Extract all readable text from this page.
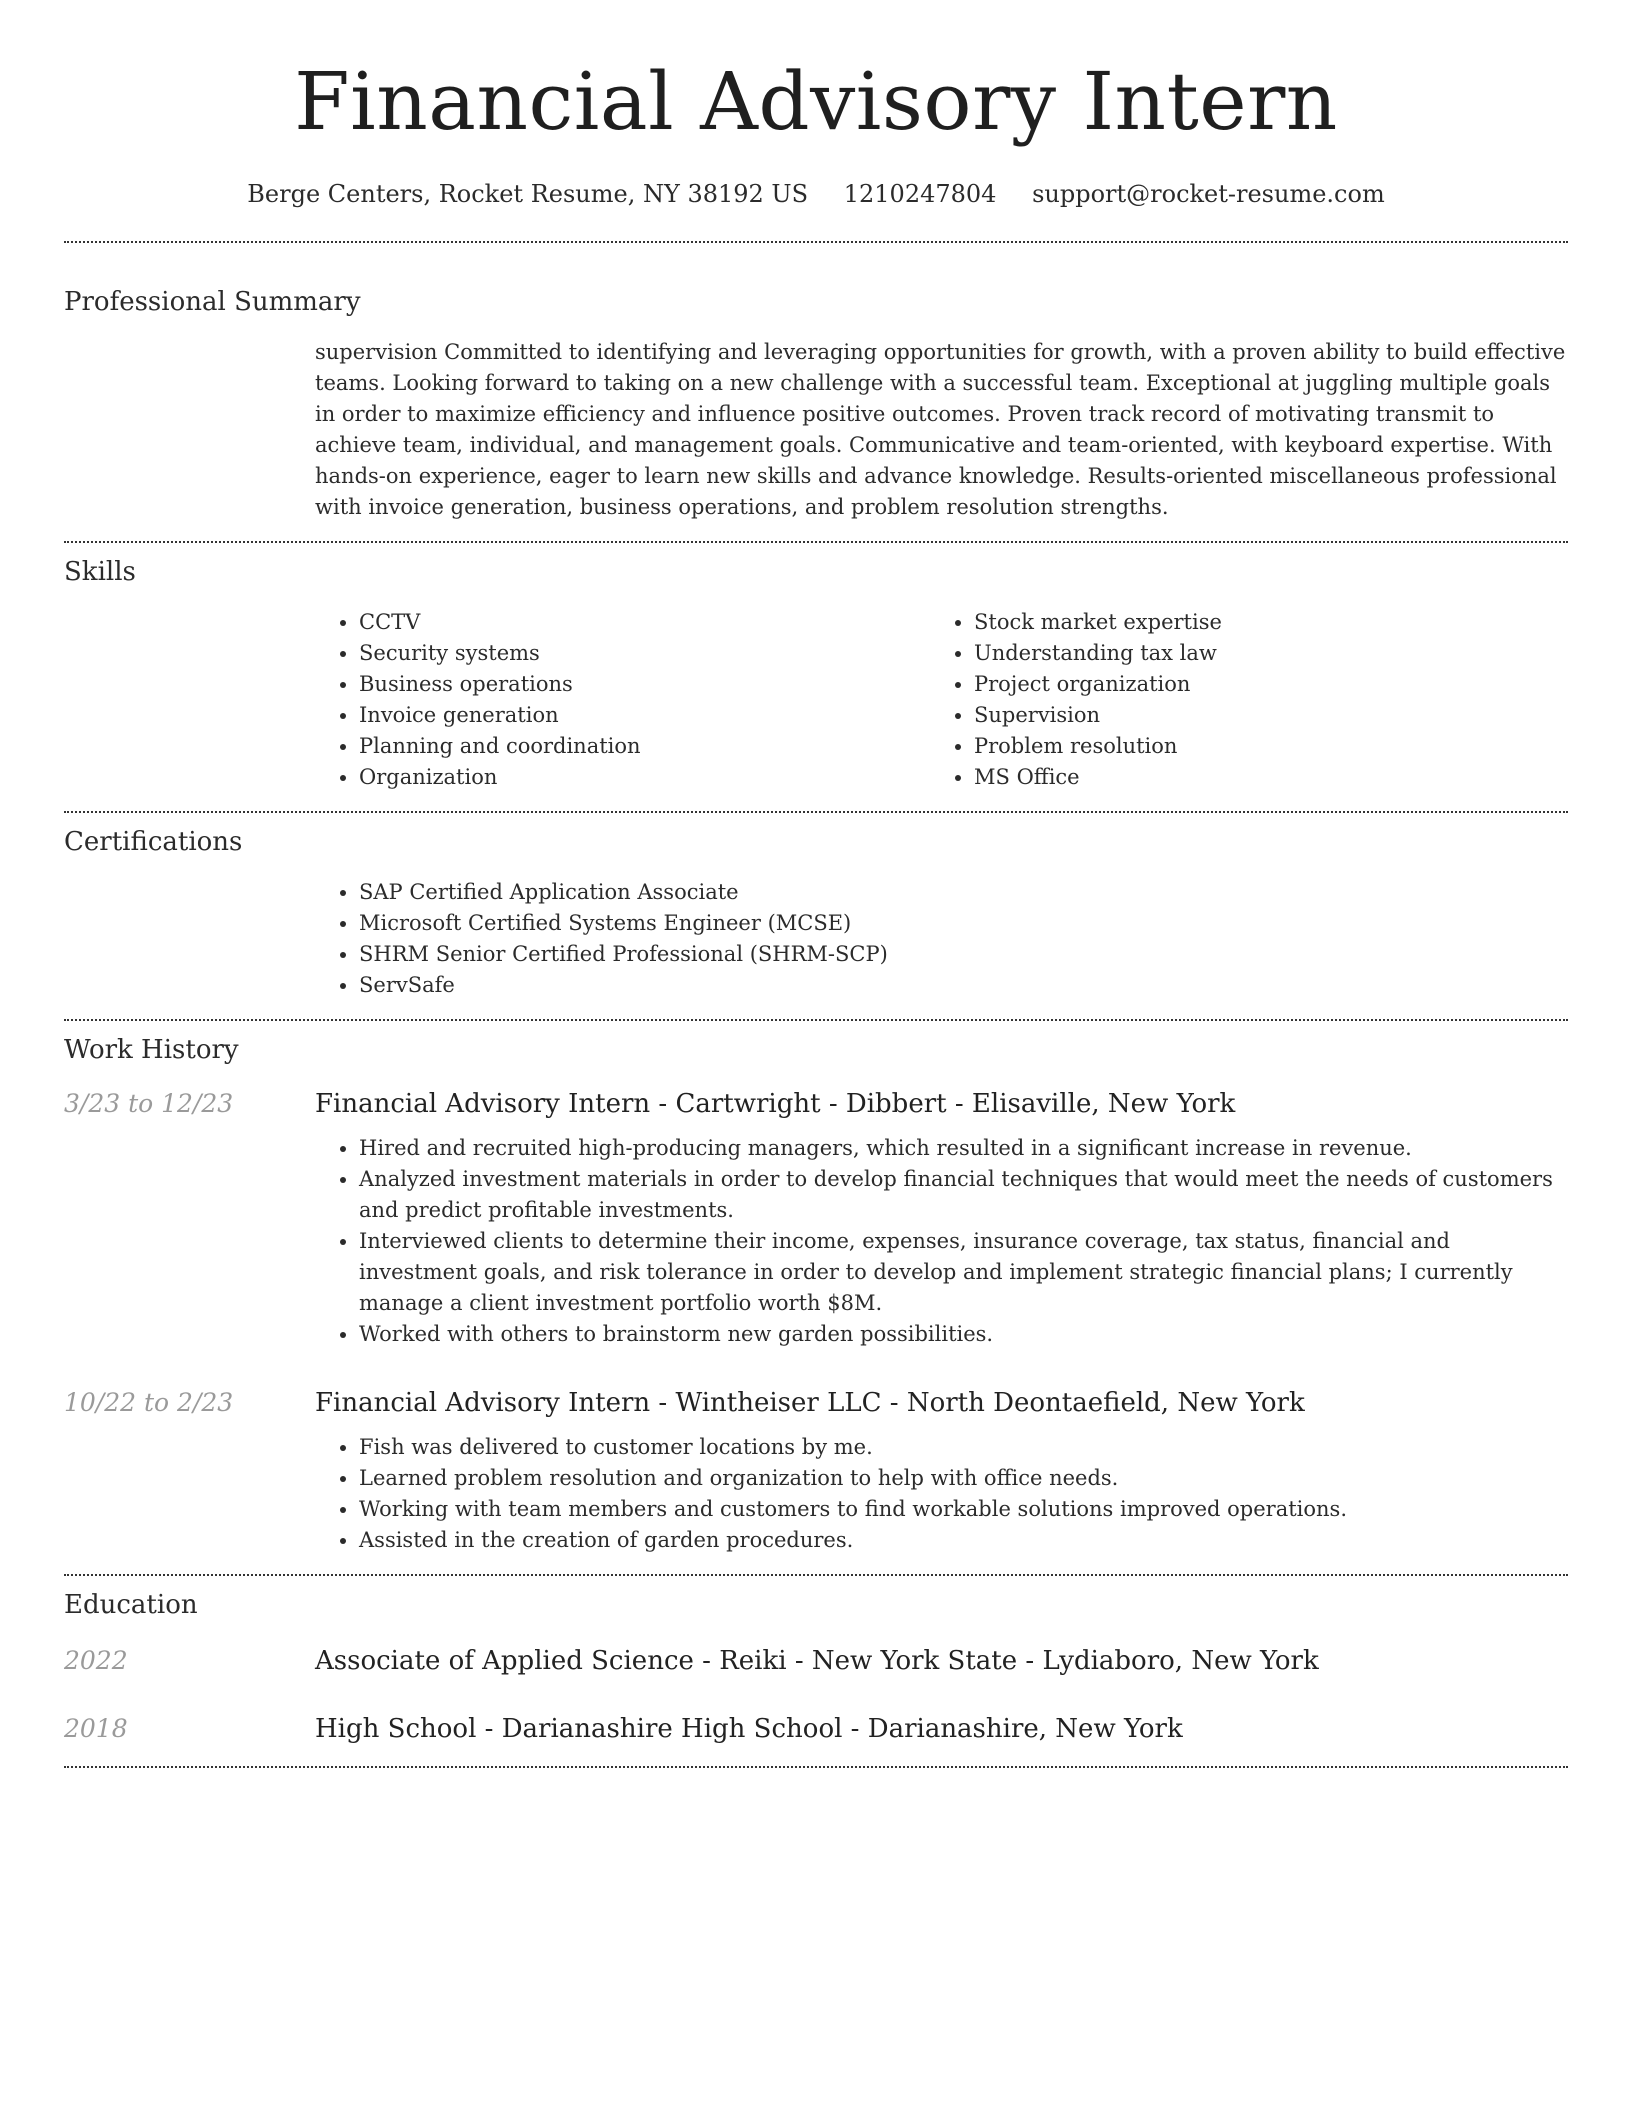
Financial Advisory Intern
Berge Centers, Rocket Resume, NY 38192 US 1210247804 support@rocket-resume.com
Professional Summary

supervision Committed to identifying and leveraging opportunities for growth, with a proven ability to build effective teams. Looking forward to taking on a new challenge with a successful team. Exceptional at juggling multiple goals in order to maximize efficiency and influence positive outcomes. Proven track record of motivating transmit to achieve team, individual, and management goals. Communicative and team-oriented, with keyboard expertise. With hands-on experience, eager to learn new skills and advance knowledge. Results-oriented miscellaneous professional with invoice generation, business operations, and problem resolution strengths.

Skills
• CCTV
• Security systems
• Business operations
• Invoice generation
• Planning and coordination
• Organization
• Stock market expertise
• Understanding tax law
• Project organization
• Supervision
• Problem resolution
• MS Office
Certifications
• SAP Certified Application Associate
• Microsoft Certified Systems Engineer (MCSE)
• SHRM Senior Certified Professional (SHRM-SCP)
• ServSafe
Work History
3/23 to 12/23	Financial Advisory Intern - Cartwright - Dibbert - Elisaville, New York
• Hired and recruited high-producing managers, which resulted in a significant increase in revenue.
• Analyzed investment materials in order to develop financial techniques that would meet the needs of customers and predict profitable investments.
• Interviewed clients to determine their income, expenses, insurance coverage, tax status, financial and investment goals, and risk tolerance in order to develop and implement strategic financial plans; I currently manage a client investment portfolio worth $8M.
• Worked with others to brainstorm new garden possibilities.
10/22 to 2/23	Financial Advisory Intern - Wintheiser LLC - North Deontaefield, New York
• Fish was delivered to customer locations by me.
• Learned problem resolution and organization to help with office needs.
• Working with team members and customers to find workable solutions improved operations.
• Assisted in the creation of garden procedures.
Education
2022	Associate of Applied Science - Reiki - New York State - Lydiaboro, New York
2018	High School - Darianashire High School - Darianashire, New York
